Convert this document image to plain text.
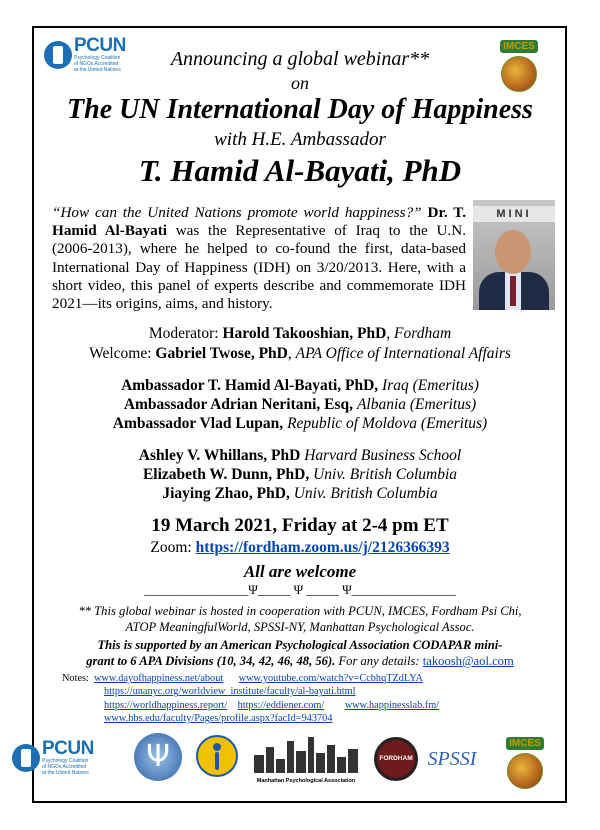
PCUN
Psychology Coalition
of NGOs Accredited
at the United Nations
IMCES
Announcing a global webinar**
on
The UN International Day of Happiness
with H.E. Ambassador
T. Hamid Al-Bayati, PhD
MINI

“How can the United Nations promote world happiness?” Dr. T. Hamid Al-Bayati was the Representative of Iraq to the U.N. (2006-2013), where he helped to co-found the first, data-based International Day of Happiness (IDH) on 3/20/2013. Here, with a short video, this panel of experts describe and commemorate IDH 2021—its origins, aims, and history.

Moderator: Harold Takooshian, PhD, Fordham
Welcome: Gabriel Twose, PhD, APA Office of International Affairs
Ambassador T. Hamid Al-Bayati, PhD, Iraq (Emeritus)
Ambassador Adrian Neritani, Esq, Albania (Emeritus)
Ambassador Vlad Lupan, Republic of Moldova (Emeritus)
Ashley V. Whillans, PhD Harvard Business School
Elizabeth W. Dunn, PhD, Univ. British Columbia
Jiaying Zhao, PhD, Univ. British Columbia
19 March 2021, Friday at 2-4 pm ET
Zoom: https://fordham.zoom.us/j/2126366393
All are welcome
________________Ψ_____ Ψ _____ Ψ________________
** This global webinar is hosted in cooperation with PCUN, IMCES, Fordham Psi Chi,
ATOP MeaningfulWorld, SPSSI-NY, Manhattan Psychological Assoc.
This is supported by an American Psychological Association CODAPAR mini-
grant to 6 APA Divisions (10, 34, 42, 46, 48, 56). For any details: takoosh@aol.com
Notes: www.dayofhappiness.net/about www.youtube.com/watch?v=CcbhqTZdLYA
https://unanyc.org/worldview_institute/faculty/al-bayati.html
https://worldhappiness.report/ https://eddiener.com/ www.happinesslab.fm/
www.hbs.edu/faculty/Pages/profile.aspx?facId=943704
PCUN
Psychology Coalition
of NGOs Accredited
at the United Nations	Ψ
Manhattan Psychological Association
FORDHAM SPSSI
IMCES
